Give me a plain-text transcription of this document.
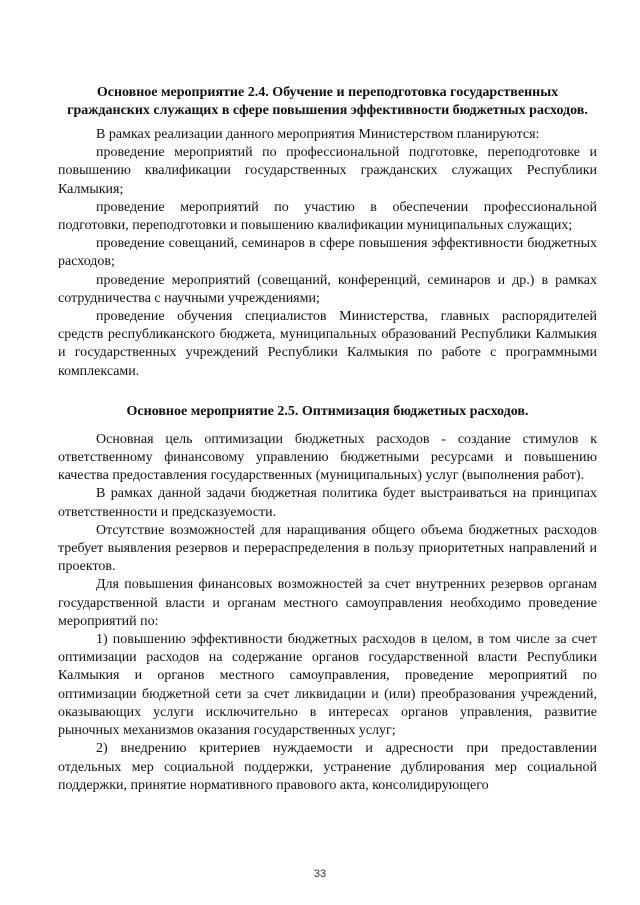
Основное мероприятие 2.4. Обучение и переподготовка государственных гражданских служащих в сфере повышения эффективности бюджетных расходов.

В рамках реализации данного мероприятия Министерством планируются:

проведение мероприятий по профессиональной подготовке, переподготовке и повышению квалификации государственных гражданских служащих Республики Калмыкия;

проведение мероприятий по участию в обеспечении профессиональной подготовки, переподготовки и повышению квалификации муниципальных служащих;

проведение совещаний, семинаров в сфере повышения эффективности бюджетных расходов;

проведение мероприятий (совещаний, конференций, семинаров и др.) в рамках сотрудничества с научными учреждениями;

проведение обучения специалистов Министерства, главных распорядителей средств республиканского бюджета, муниципальных образований Республики Калмыкия и государственных учреждений Республики Калмыкия по работе с программными комплексами.

Основное мероприятие 2.5. Оптимизация бюджетных расходов.

Основная цель оптимизации бюджетных расходов - создание стимулов к ответственному финансовому управлению бюджетными ресурсами и повышению качества предоставления государственных (муниципальных) услуг (выполнения работ).

В рамках данной задачи бюджетная политика будет выстраиваться на принципах ответственности и предсказуемости.

Отсутствие возможностей для наращивания общего объема бюджетных расходов требует выявления резервов и перераспределения в пользу приоритетных направлений и проектов.

Для повышения финансовых возможностей за счет внутренних резервов органам государственной власти и органам местного самоуправления необходимо проведение мероприятий по:

1) повышению эффективности бюджетных расходов в целом, в том числе за счет оптимизации расходов на содержание органов государственной власти Республики Калмыкия и органов местного самоуправления, проведение мероприятий по оптимизации бюджетной сети за счет ликвидации и (или) преобразования учреждений, оказывающих услуги исключительно в интересах органов управления, развитие рыночных механизмов оказания государственных услуг;

2) внедрению критериев нуждаемости и адресности при предоставлении отдельных мер социальной поддержки, устранение дублирования мер социальной поддержки, принятие нормативного правового акта, консолидирующего

33
